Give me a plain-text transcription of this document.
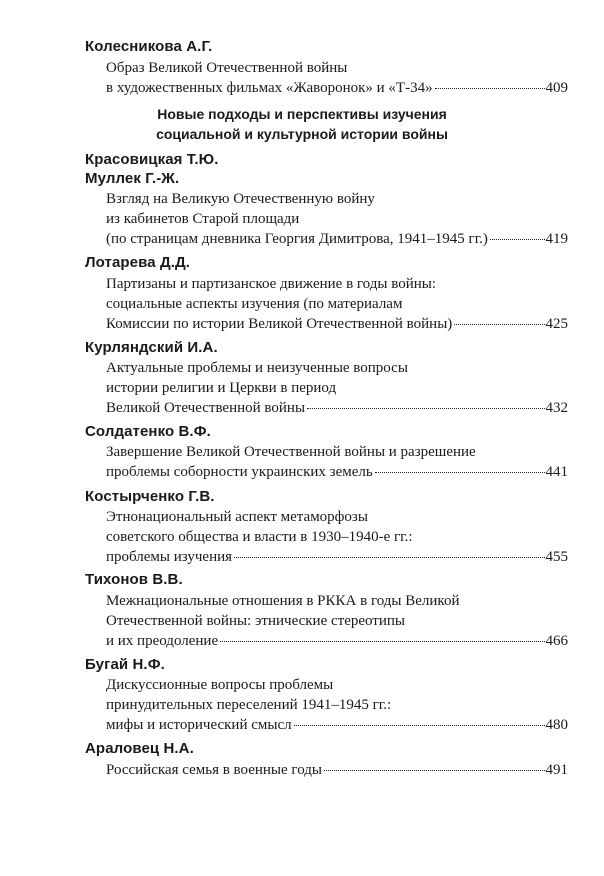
Колесникова А.Г.
Образ Великой Отечественной войны
в художественных фильмах «Жаворонок» и «Т-34»	409
Новые подходы и перспективы изучения
социальной и культурной истории войны
Красовицкая Т.Ю.
Муллек Г.-Ж.
Взгляд на Великую Отечественную войну
из кабинетов Старой площади
(по страницам дневника Георгия Димитрова, 1941–1945 гг.)	419
Лотарева Д.Д.
Партизаны и партизанское движение в годы войны:
социальные аспекты изучения (по материалам
Комиссии по истории Великой Отечественной войны)	425
Курляндский И.А.
Актуальные проблемы и неизученные вопросы
истории религии и Церкви в период
Великой Отечественной войны	432
Солдатенко В.Ф.
Завершение Великой Отечественной войны и разрешение
проблемы соборности украинских земель	441
Костырченко Г.В.
Этнонациональный аспект метаморфозы
советского общества и власти в 1930–1940-е гг.:
проблемы изучения	455
Тихонов В.В.
Межнациональные отношения в РККА в годы Великой
Отечественной войны: этнические стереотипы
и их преодоление	466
Бугай Н.Ф.
Дискуссионные вопросы проблемы
принудительных переселений 1941–1945 гг.:
мифы и исторический смысл	480
Араловец Н.А.
Российская семья в военные годы	491
